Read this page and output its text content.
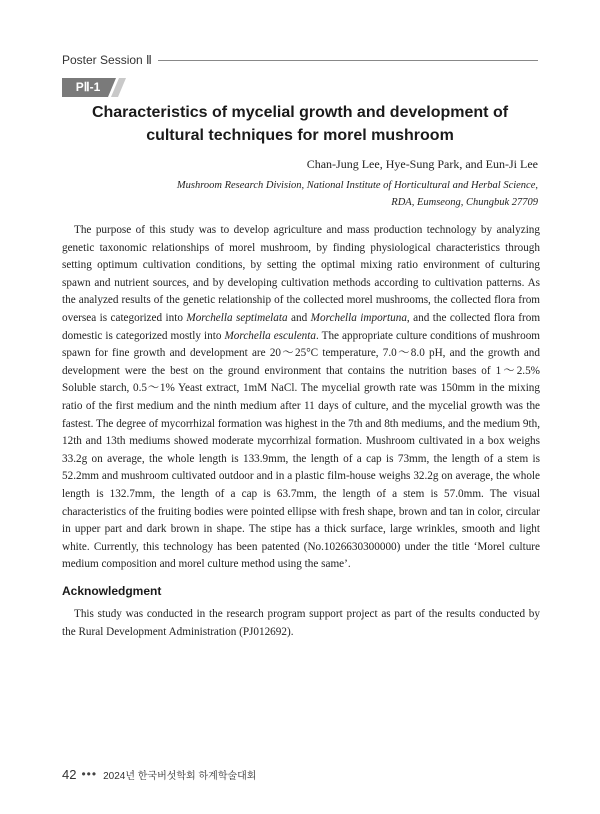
Poster Session Ⅱ
PⅡ-1
Characteristics of mycelial growth and development of cultural techniques for morel mushroom

Chan-Jung Lee, Hye-Sung Park, and Eun-Ji Lee

Mushroom Research Division, National Institute of Horticultural and Herbal Science,
RDA, Eumseong, Chungbuk 27709

The purpose of this study was to develop agriculture and mass production technology by analyzing genetic taxonomic relationships of morel mushroom, by finding physiological characteristics through setting optimum cultivation conditions, by setting the optimal mixing ratio environment of culturing spawn and nutrient sources, and by developing cultivation methods according to cultivation patterns. As the analyzed results of the genetic relationship of the collected morel mushrooms, the collected flora from oversea is categorized into Morchella septimelata and Morchella importuna, and the collected flora from domestic is categorized mostly into Morchella esculenta. The appropriate culture conditions of mushroom spawn for fine growth and development are 20～25°C temperature, 7.0～8.0 pH, and the growth and development were the best on the ground environment that contains the nutrition bases of 1～2.5% Soluble starch, 0.5～1% Yeast extract, 1mM NaCl. The mycelial growth rate was 150mm in the mixing ratio of the first medium and the ninth medium after 11 days of culture, and the mycelial growth was the fastest. The degree of mycorrhizal formation was highest in the 7th and 8th mediums, and the medium 9th, 12th and 13th mediums showed moderate mycorrhizal formation. Mushroom cultivated in a box weighs 33.2g on average, the whole length is 133.9mm, the length of a cap is 73mm, the length of a stem is 52.2mm and mushroom cultivated outdoor and in a plastic film-house weighs 32.2g on average, the whole length is 132.7mm, the length of a cap is 63.7mm, the length of a stem is 57.0mm. The visual characteristics of the fruiting bodies were pointed ellipse with fresh shape, brown and tan in color, circular in upper part and dark brown in shape. The stipe has a thick surface, large wrinkles, smooth and light white. Currently, this technology has been patented (No.1026630300000) under the title ‘Morel culture medium composition and morel culture method using the same’.

Acknowledgment

This study was conducted in the research program support project as part of the results conducted by the Rural Development Administration (PJ012692).

42 ••• 2024년 한국버섯학회 하계학술대회
